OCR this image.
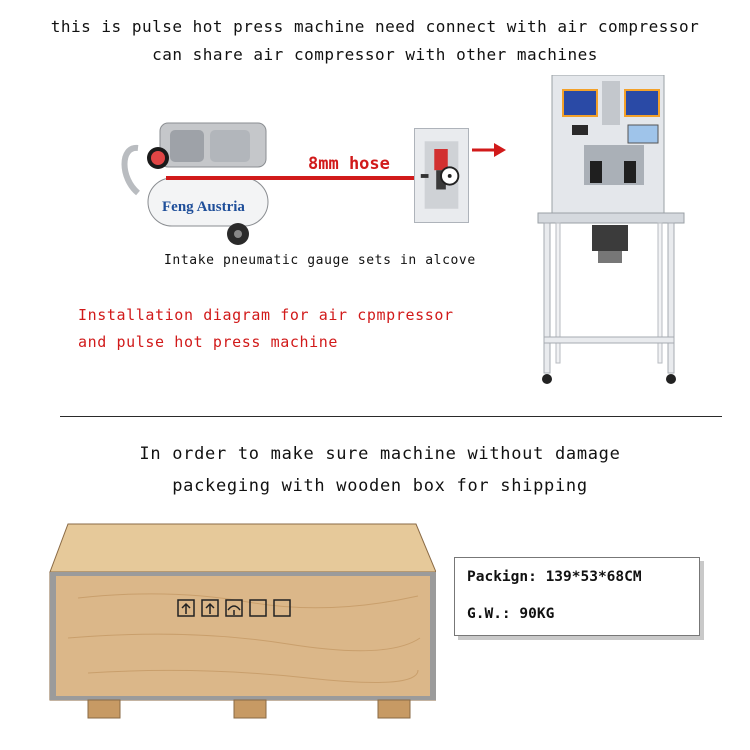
this is pulse hot press machine need connect with air compressor
can share air compressor with other machines
Feng Austria
8mm hose
Intake pneumatic gauge sets in alcove
Installation diagram for air cpmpressor
and pulse hot press machine
In order to make sure machine without damage
packeging with wooden box for shipping
Packign: 139*53*68CM
G.W.: 90KG
